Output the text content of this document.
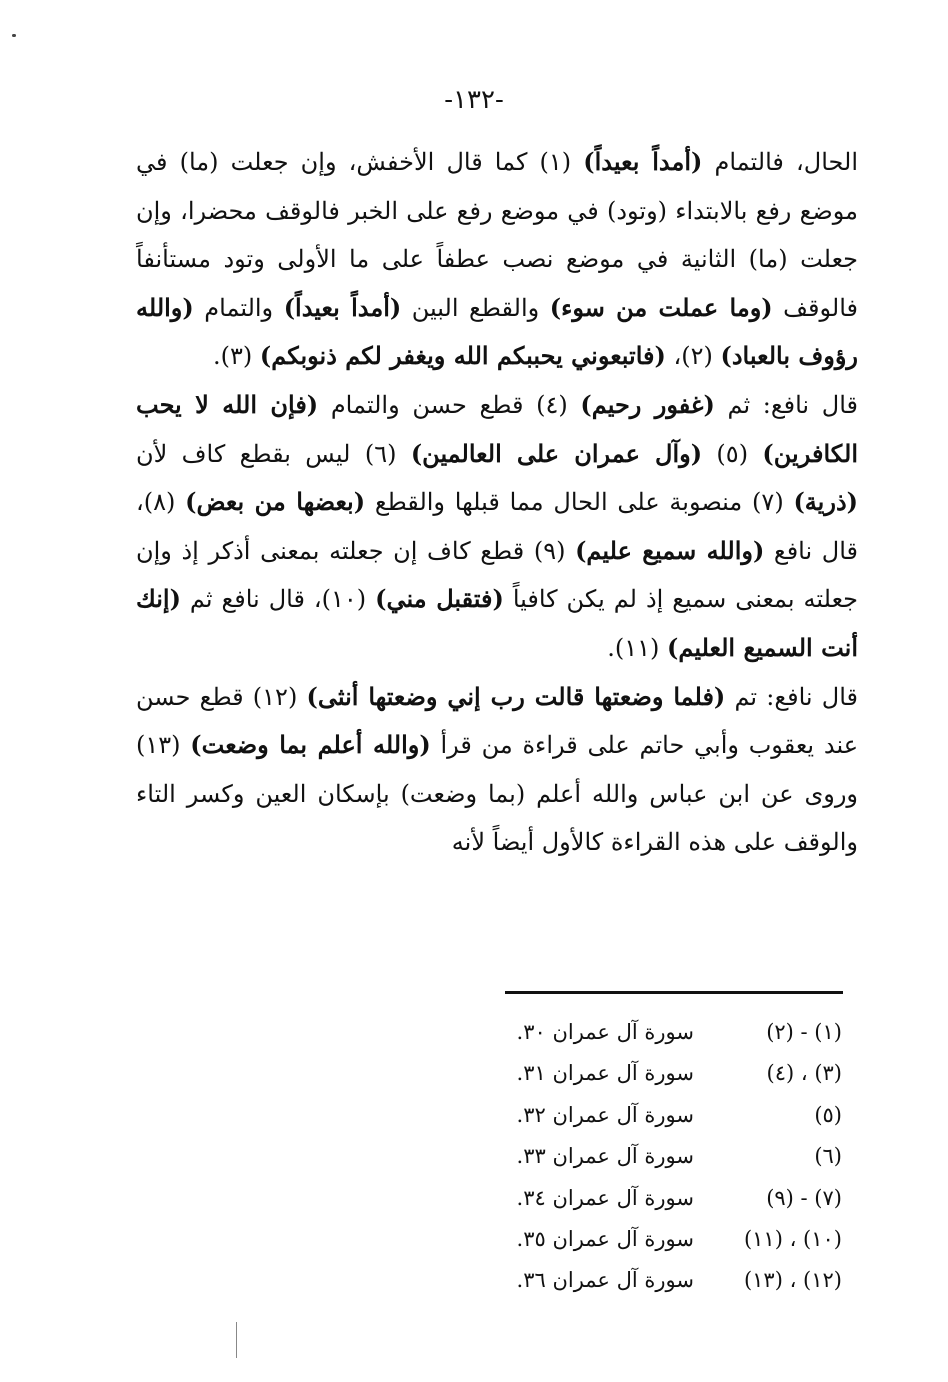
-١٣٢-

الحال، فالتمام (أمداً بعيداً) (١) كما قال الأخفش، وإن جعلت (ما) في موضع رفع بالابتداء (وتود) في موضع رفع على الخبر فالوقف محضرا، وإن جعلت (ما) الثانية في موضع نصب عطفاً على ما الأولى وتود مستأنفاً فالوقف (وما عملت من سوء) والقطع البين (أمداً بعيداً) والتمام (والله رؤوف بالعباد) (٢)، (فاتبعوني يحببكم الله ويغفر لكم ذنوبكم) (٣).

قال نافع: ثم (غفور رحيم) (٤) قطع حسن والتمام (فإن الله لا يحب الكافرين) (٥) (وآل عمران على العالمين) (٦) ليس بقطع كاف لأن (ذرية) (٧) منصوبة على الحال مما قبلها والقطع (بعضها من بعض) (٨)، قال نافع (والله سميع عليم) (٩) قطع كاف إن جعلته بمعنى أذكر إذ وإن جعلته بمعنى سميع إذ لم يكن كافياً (فتقبل مني) (١٠)، قال نافع ثم (إنك أنت السميع العليم) (١١).

قال نافع: تم (فلما وضعتها قالت رب إني وضعتها أنثى) (١٢) قطع حسن عند يعقوب وأبي حاتم على قراءة من قرأ (والله أعلم بما وضعت) (١٣) وروى عن ابن عباس والله أعلم (بما وضعت) بإسكان العين وكسر التاء والوقف على هذه القراءة كالأول أيضاً لأنه

(١) - (٢)
سورة آل عمران ٣٠.
(٣) ، (٤)
سورة آل عمران ٣١.
(٥)
سورة آل عمران ٣٢.
(٦)
سورة آل عمران ٣٣.
(٧) - (٩)
سورة آل عمران ٣٤.
(١٠) ، (١١)
سورة آل عمران ٣٥.
(١٢) ، (١٣)
سورة آل عمران ٣٦.
